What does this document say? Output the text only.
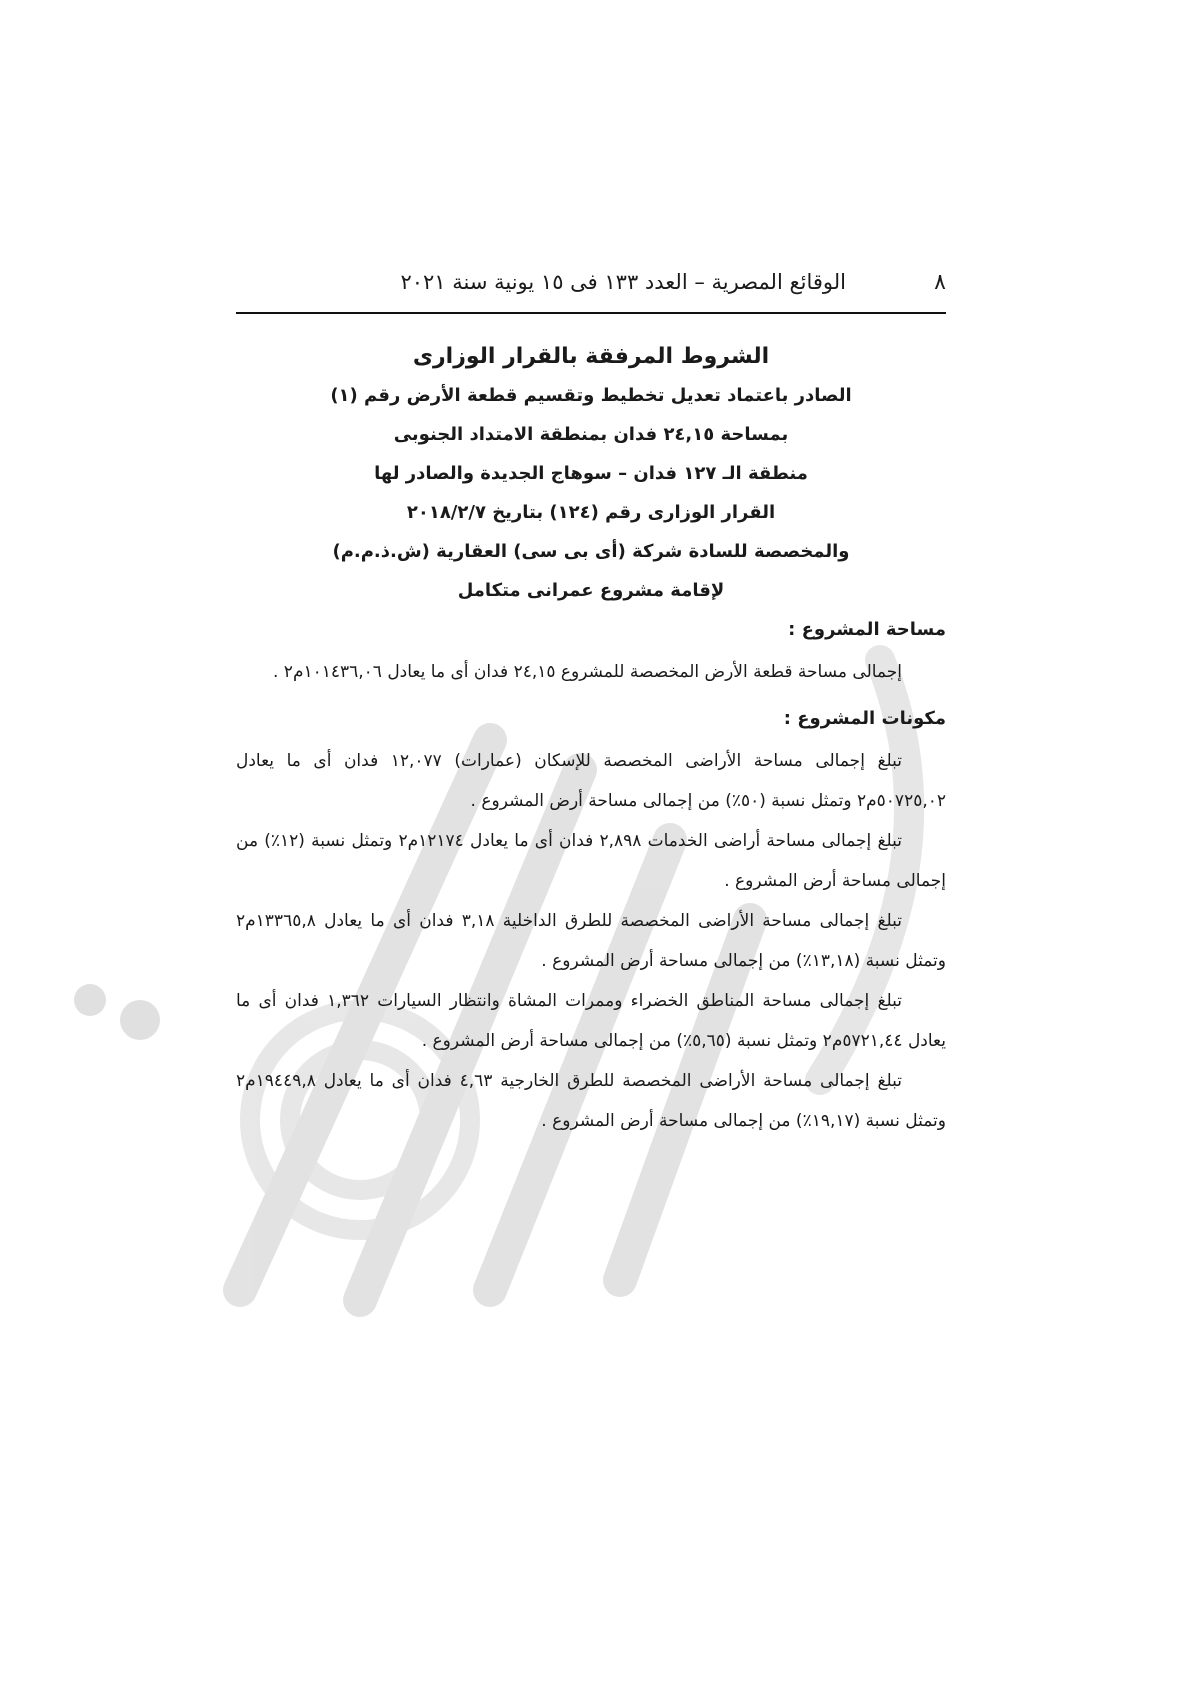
الوقائع المصرية – العدد ١٣٣ فى ١٥ يونية سنة ٢٠٢١	٨
الشروط المرفقة بالقرار الوزارى
الصادر باعتماد تعديل تخطيط وتقسيم قطعة الأرض رقم (١)
بمساحة ٢٤,١٥ فدان بمنطقة الامتداد الجنوبى
منطقة الـ ١٢٧ فدان – سوهاج الجديدة والصادر لها
القرار الوزارى رقم (١٢٤) بتاريخ ٢٠١٨/٢/٧
والمخصصة للسادة شركة (أى بى سى) العقارية (ش.ذ.م.م)
لإقامة مشروع عمرانى متكامل
مساحة المشروع :

إجمالى مساحة قطعة الأرض المخصصة للمشروع ٢٤,١٥ فدان أى ما يعادل ١٠١٤٣٦,٠٦م٢ .

مكونات المشروع :

تبلغ إجمالى مساحة الأراضى المخصصة للإسكان (عمارات) ١٢,٠٧٧ فدان أى ما يعادل ٥٠٧٢٥,٠٢م٢ وتمثل نسبة (٥٠٪) من إجمالى مساحة أرض المشروع .

تبلغ إجمالى مساحة أراضى الخدمات ٢,٨٩٨ فدان أى ما يعادل ١٢١٧٤م٢ وتمثل نسبة (١٢٪) من إجمالى مساحة أرض المشروع .

تبلغ إجمالى مساحة الأراضى المخصصة للطرق الداخلية ٣,١٨ فدان أى ما يعادل ١٣٣٦٥,٨م٢ وتمثل نسبة (١٣,١٨٪) من إجمالى مساحة أرض المشروع .

تبلغ إجمالى مساحة المناطق الخضراء وممرات المشاة وانتظار السيارات ١,٣٦٢ فدان أى ما يعادل ٥٧٢١,٤٤م٢ وتمثل نسبة (٥,٦٥٪) من إجمالى مساحة أرض المشروع .

تبلغ إجمالى مساحة الأراضى المخصصة للطرق الخارجية ٤,٦٣ فدان أى ما يعادل ١٩٤٤٩,٨م٢ وتمثل نسبة (١٩,١٧٪) من إجمالى مساحة أرض المشروع .
